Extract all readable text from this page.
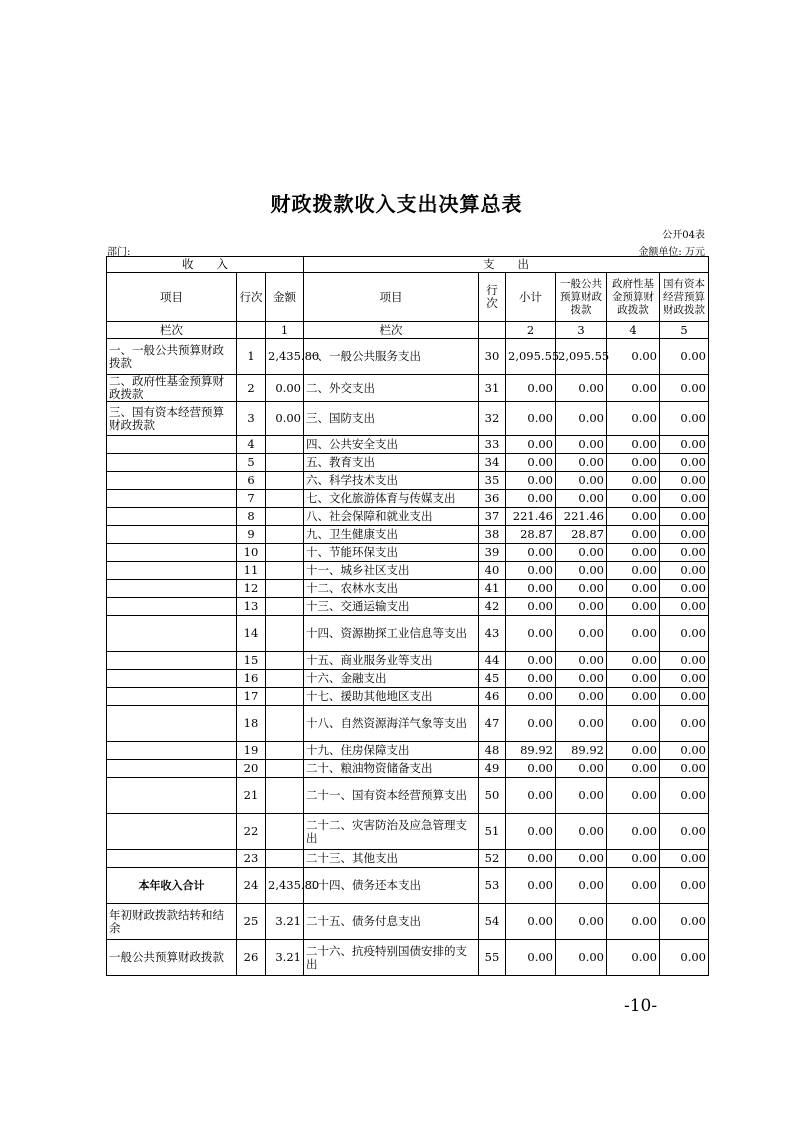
财政拨款收入支出决算总表
公开04表
部门:	金额单位: 万元
收　　入			支　　出					
项目	行次	金额	项目	行次	小计	一般公共预算财政拨款	政府性基金预算财政拨款	国有资本经营预算财政拨款
栏次		1	栏次		2	3	4	5
一、一般公共预算财政拨款	1	2,435.80	一、一般公共服务支出	30	2,095.55	2,095.55	0.00	0.00
二、政府性基金预算财政拨款	2	0.00	二、外交支出	31	0.00	0.00	0.00	0.00
三、国有资本经营预算财政拨款	3	0.00	三、国防支出	32	0.00	0.00	0.00	0.00
	4		四、公共安全支出	33	0.00	0.00	0.00	0.00
	5		五、教育支出	34	0.00	0.00	0.00	0.00
	6		六、科学技术支出	35	0.00	0.00	0.00	0.00
	7		七、文化旅游体育与传媒支出	36	0.00	0.00	0.00	0.00
	8		八、社会保障和就业支出	37	221.46	221.46	0.00	0.00
	9		九、卫生健康支出	38	28.87	28.87	0.00	0.00
	10		十、节能环保支出	39	0.00	0.00	0.00	0.00
	11		十一、城乡社区支出	40	0.00	0.00	0.00	0.00
	12		十二、农林水支出	41	0.00	0.00	0.00	0.00
	13		十三、交通运输支出	42	0.00	0.00	0.00	0.00
	14		十四、资源勘探工业信息等支出	43	0.00	0.00	0.00	0.00
	15		十五、商业服务业等支出	44	0.00	0.00	0.00	0.00
	16		十六、金融支出	45	0.00	0.00	0.00	0.00
	17		十七、援助其他地区支出	46	0.00	0.00	0.00	0.00
	18		十八、自然资源海洋气象等支出	47	0.00	0.00	0.00	0.00
	19		十九、住房保障支出	48	89.92	89.92	0.00	0.00
	20		二十、粮油物资储备支出	49	0.00	0.00	0.00	0.00
	21		二十一、国有资本经营预算支出	50	0.00	0.00	0.00	0.00
	22		二十二、灾害防治及应急管理支出	51	0.00	0.00	0.00	0.00
	23		二十三、其他支出	52	0.00	0.00	0.00	0.00
本年收入合计	24	2,435.80	二十四、债务还本支出	53	0.00	0.00	0.00	0.00
年初财政拨款结转和结余	25	3.21	二十五、债务付息支出	54	0.00	0.00	0.00	0.00
一般公共预算财政拨款	26	3.21	二十六、抗疫特别国债安排的支出	55	0.00	0.00	0.00	0.00
-10-
